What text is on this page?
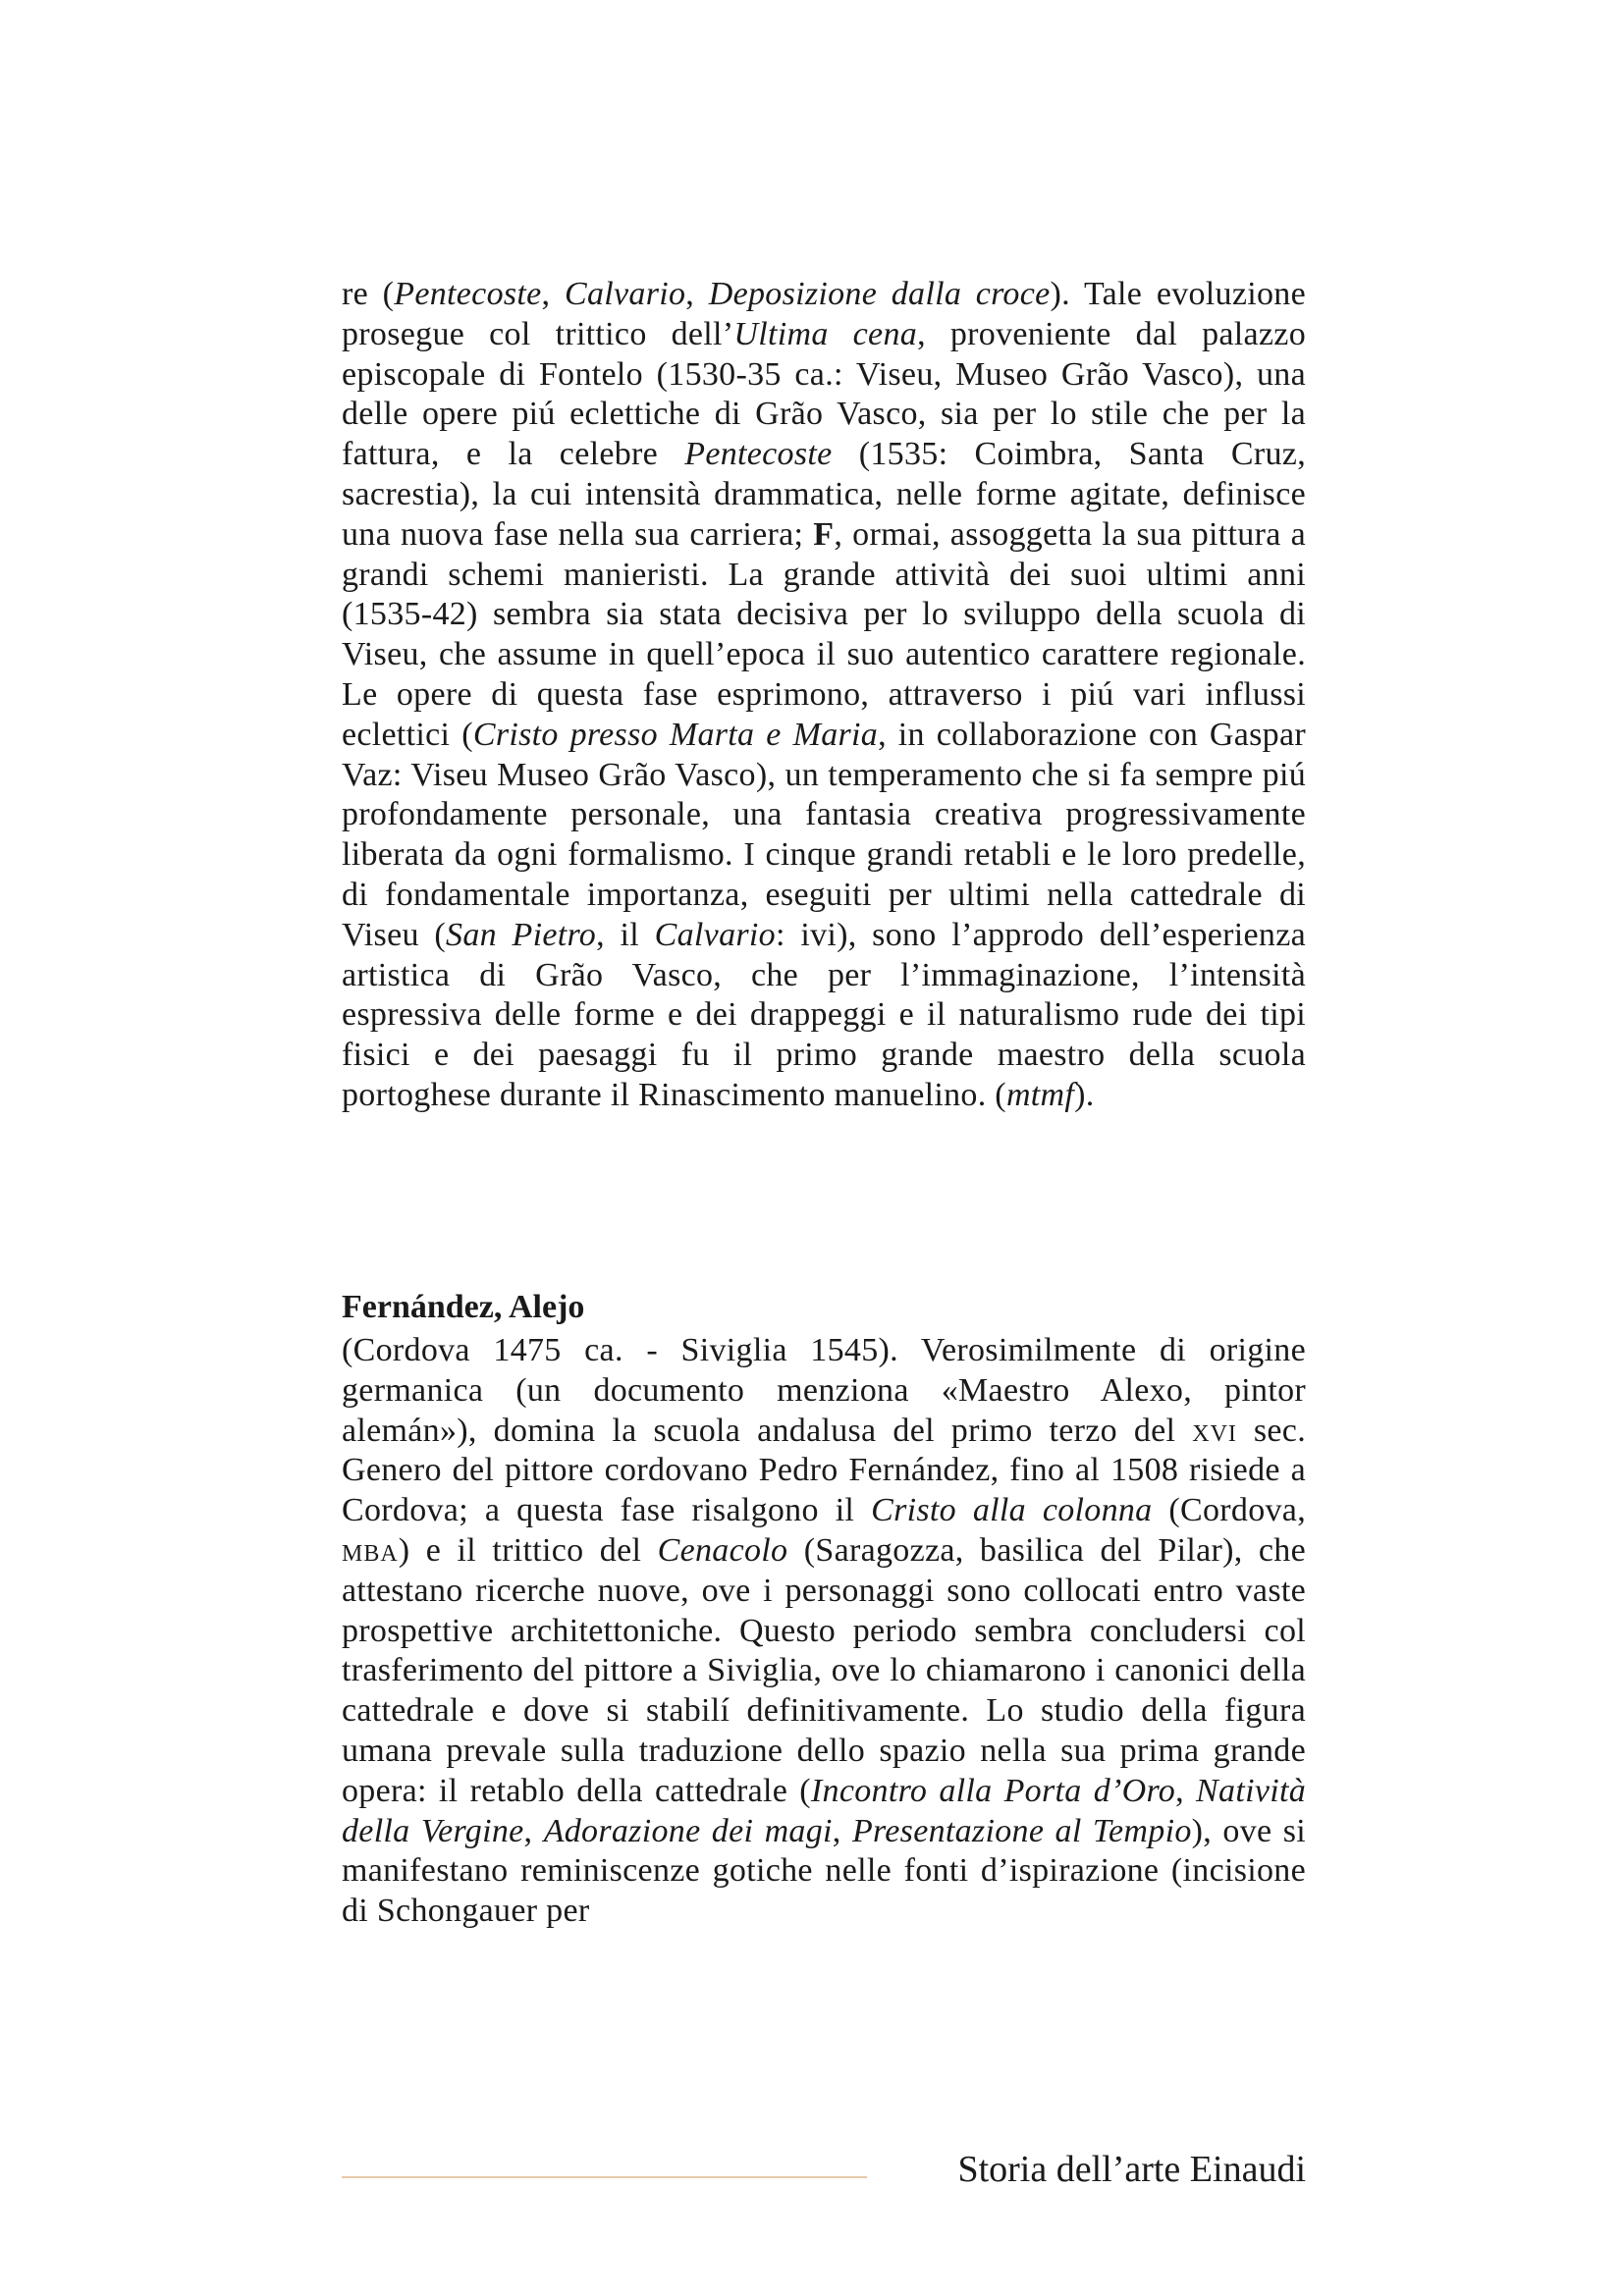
re (Pentecoste, Calvario, Deposizione dalla croce). Tale evoluzione prosegue col trittico dell’Ultima cena, proveniente dal palazzo episcopale di Fontelo (1530-35 ca.: Viseu, Museo Grão Vasco), una delle opere piú eclettiche di Grão Vasco, sia per lo stile che per la fattura, e la celebre Pentecoste (1535: Coimbra, Santa Cruz, sacrestia), la cui intensità drammatica, nelle forme agitate, definisce una nuova fase nella sua carriera; F, ormai, assoggetta la sua pittura a grandi schemi manieristi. La grande attività dei suoi ultimi anni (1535-42) sembra sia stata decisiva per lo sviluppo della scuola di Viseu, che assume in quell’epoca il suo autentico carattere regionale. Le opere di questa fase esprimono, attraverso i piú vari influssi eclettici (Cristo presso Marta e Maria, in collaborazione con Gaspar Vaz: Viseu Museo Grão Vasco), un temperamento che si fa sempre piú profondamente personale, una fantasia creativa progressivamente liberata da ogni formalismo. I cinque grandi retabli e le loro predelle, di fondamentale importanza, eseguiti per ultimi nella cattedrale di Viseu (San Pietro, il Calvario: ivi), sono l’approdo dell’esperienza artistica di Grão Vasco, che per l’immaginazione, l’intensità espressiva delle forme e dei drappeggi e il naturalismo rude dei tipi fisici e dei paesaggi fu il primo grande maestro della scuola portoghese durante il Rinascimento manuelino. (mtmf).

Fernández, Alejo

(Cordova 1475 ca. - Siviglia 1545). Verosimilmente di origine germanica (un documento menziona «Maestro Alexo, pintor alemán»), domina la scuola andalusa del primo terzo del xvi sec. Genero del pittore cordovano Pedro Fernández, fino al 1508 risiede a Cordova; a questa fase risalgono il Cristo alla colonna (Cordova, mba) e il trittico del Cenacolo (Saragozza, basilica del Pilar), che attestano ricerche nuove, ove i personaggi sono collocati entro vaste prospettive architettoniche. Questo periodo sembra concludersi col trasferimento del pittore a Siviglia, ove lo chiamarono i canonici della cattedrale e dove si stabilí definitivamente. Lo studio della figura umana prevale sulla traduzione dello spazio nella sua prima grande opera: il retablo della cattedrale (Incontro alla Porta d’Oro, Natività della Vergine, Adorazione dei magi, Presentazione al Tempio), ove si manifestano reminiscenze gotiche nelle fonti d’ispirazione (incisione di Schongauer per

Storia dell’arte Einaudi
